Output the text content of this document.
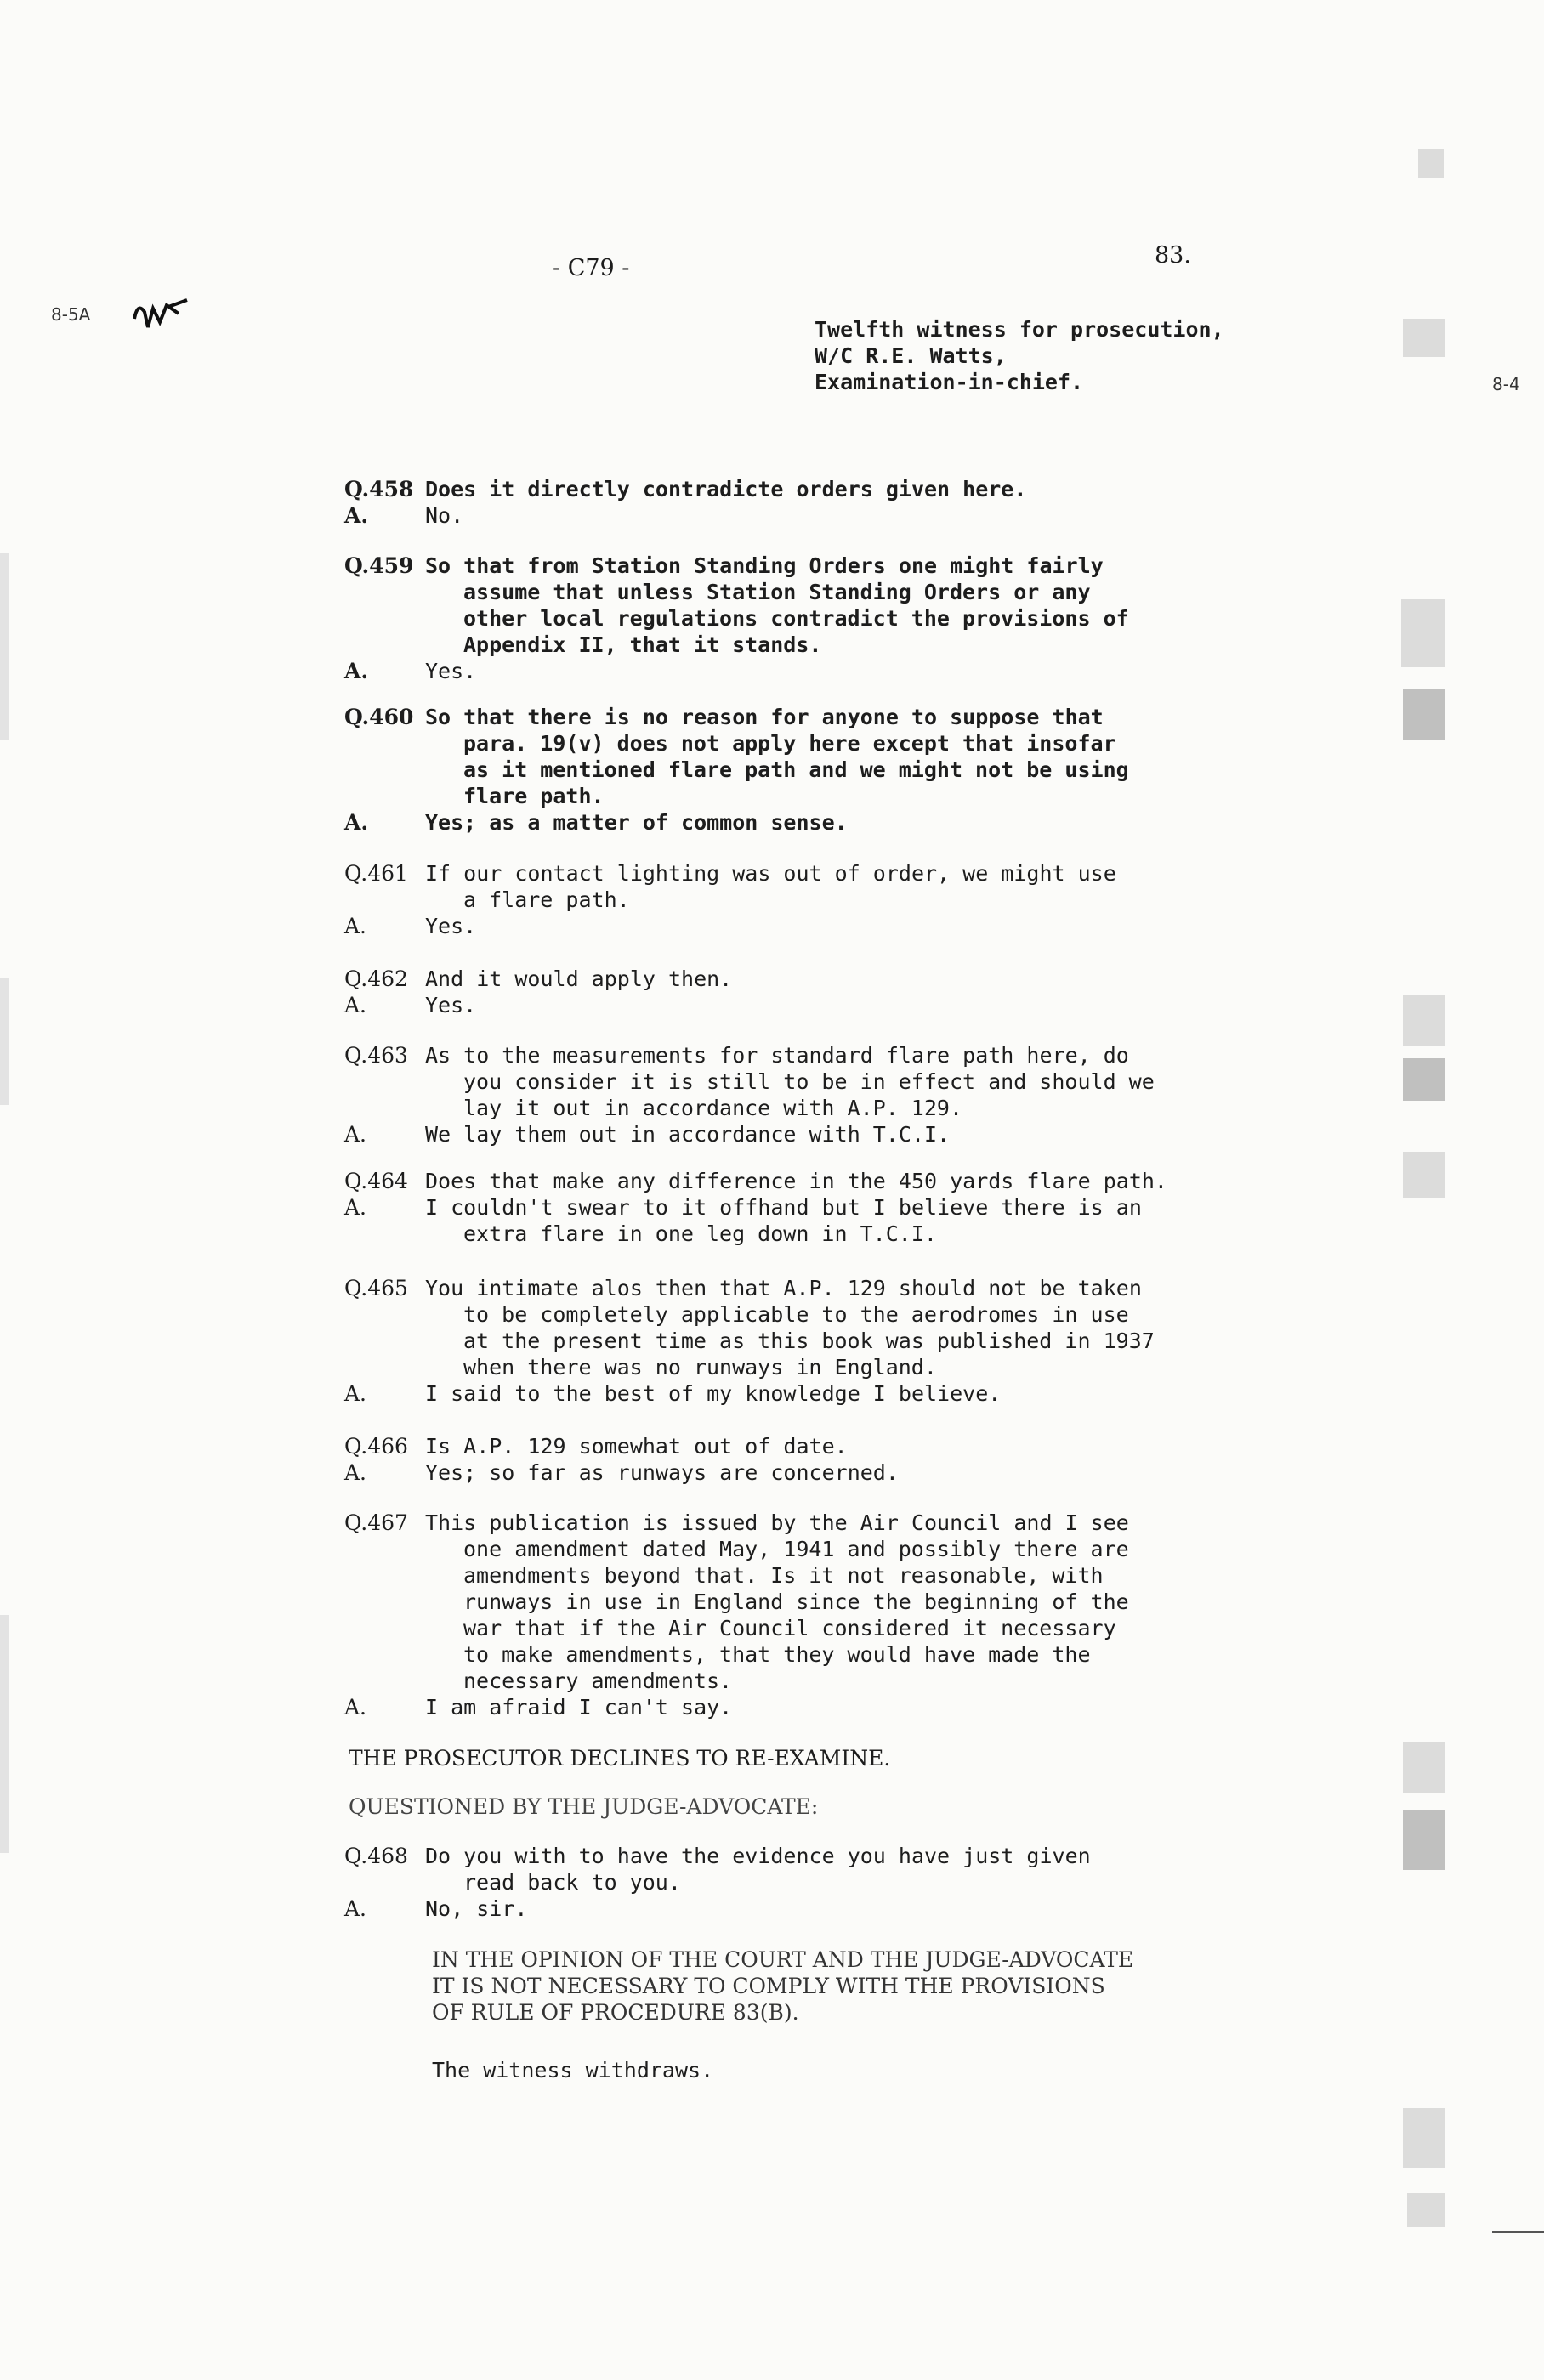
- C79 -	83.
8-5A
8-4
Twelfth witness for prosecution,
W/C R.E. Watts,
Examination-in-chief.
Q.458 Does it directly contradicte orders given here.
A.	No.
Q.459 So that from Station Standing Orders one might fairly
assume that unless Station Standing Orders or any
other local regulations contradict the provisions of
Appendix II, that it stands.
A.	Yes.
Q.460 So that there is no reason for anyone to suppose that
para. 19(v) does not apply here except that insofar
as it mentioned flare path and we might not be using
flare path.
A.	Yes; as a matter of common sense.
Q.461 If our contact lighting was out of order, we might use
a flare path.
A.	Yes.
Q.462 And it would apply then.
A.	Yes.
Q.463 As to the measurements for standard flare path here, do
you consider it is still to be in effect and should we
lay it out in accordance with A.P. 129.
A.	We lay them out in accordance with T.C.I.
Q.464 Does that make any difference in the 450 yards flare path.
A.	I couldn't swear to it offhand but I believe there is an
extra flare in one leg down in T.C.I.
Q.465 You intimate alos then that A.P. 129 should not be taken
to be completely applicable to the aerodromes in use
at the present time as this book was published in 1937
when there was no runways in England.
A.	I said to the best of my knowledge I believe.
Q.466 Is A.P. 129 somewhat out of date.
A.	Yes; so far as runways are concerned.
Q.467 This publication is issued by the Air Council and I see
one amendment dated May, 1941 and possibly there are
amendments beyond that. Is it not reasonable, with
runways in use in England since the beginning of the
war that if the Air Council considered it necessary
to make amendments, that they would have made the
necessary amendments.
A.	I am afraid I can't say.
THE PROSECUTOR DECLINES TO RE-EXAMINE.
QUESTIONED BY THE JUDGE-ADVOCATE:
Q.468 Do you with to have the evidence you have just given
read back to you.
A.	No, sir.
IN THE OPINION OF THE COURT AND THE JUDGE-ADVOCATE
IT IS NOT NECESSARY TO COMPLY WITH THE PROVISIONS
OF RULE OF PROCEDURE 83(B).
The witness withdraws.
